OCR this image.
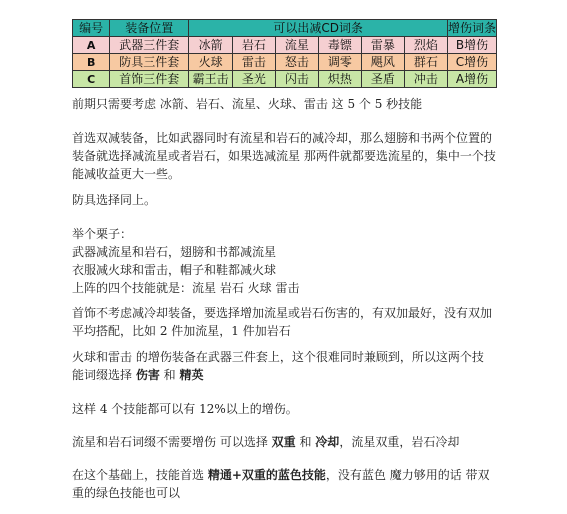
编号	装备位置	可以出减CD词条						增伤词条
A	武器三件套	冰箭	岩石	流星	毒镖	雷暴	烈焰	B增伤
B	防具三件套	火球	雷击	怒击	调零	飓风	群石	C增伤
C	首饰三件套	霸王击	圣光	闪击	炽热	圣盾	冲击	A增伤
前期只需要考虑 冰箭、岩石、流星、火球、雷击 这 5 个 5 秒技能
首选双减装备，比如武器同时有流星和岩石的减冷却，那么翅膀和书两个位置的
装备就选择减流星或者岩石，如果选减流星 那两件就都要选流星的，集中一个技
能减收益更大一些。
防具选择同上。
举个栗子：
武器减流星和岩石，翅膀和书都减流星
衣服减火球和雷击，帽子和鞋都减火球
上阵的四个技能就是：流星 岩石 火球 雷击
首饰不考虑减冷却装备，要选择增加流星或岩石伤害的，有双加最好，没有双加
平均搭配，比如 2 件加流星，1 件加岩石
火球和雷击 的增伤装备在武器三件套上，这个很难同时兼顾到，所以这两个技
能词缀选择 伤害 和 精英
这样 4 个技能都可以有 12%以上的增伤。
流星和岩石词缀不需要增伤 可以选择 双重 和 冷却，流星双重，岩石冷却
在这个基础上，技能首选 精通+双重的蓝色技能，没有蓝色 魔力够用的话 带双
重的绿色技能也可以
